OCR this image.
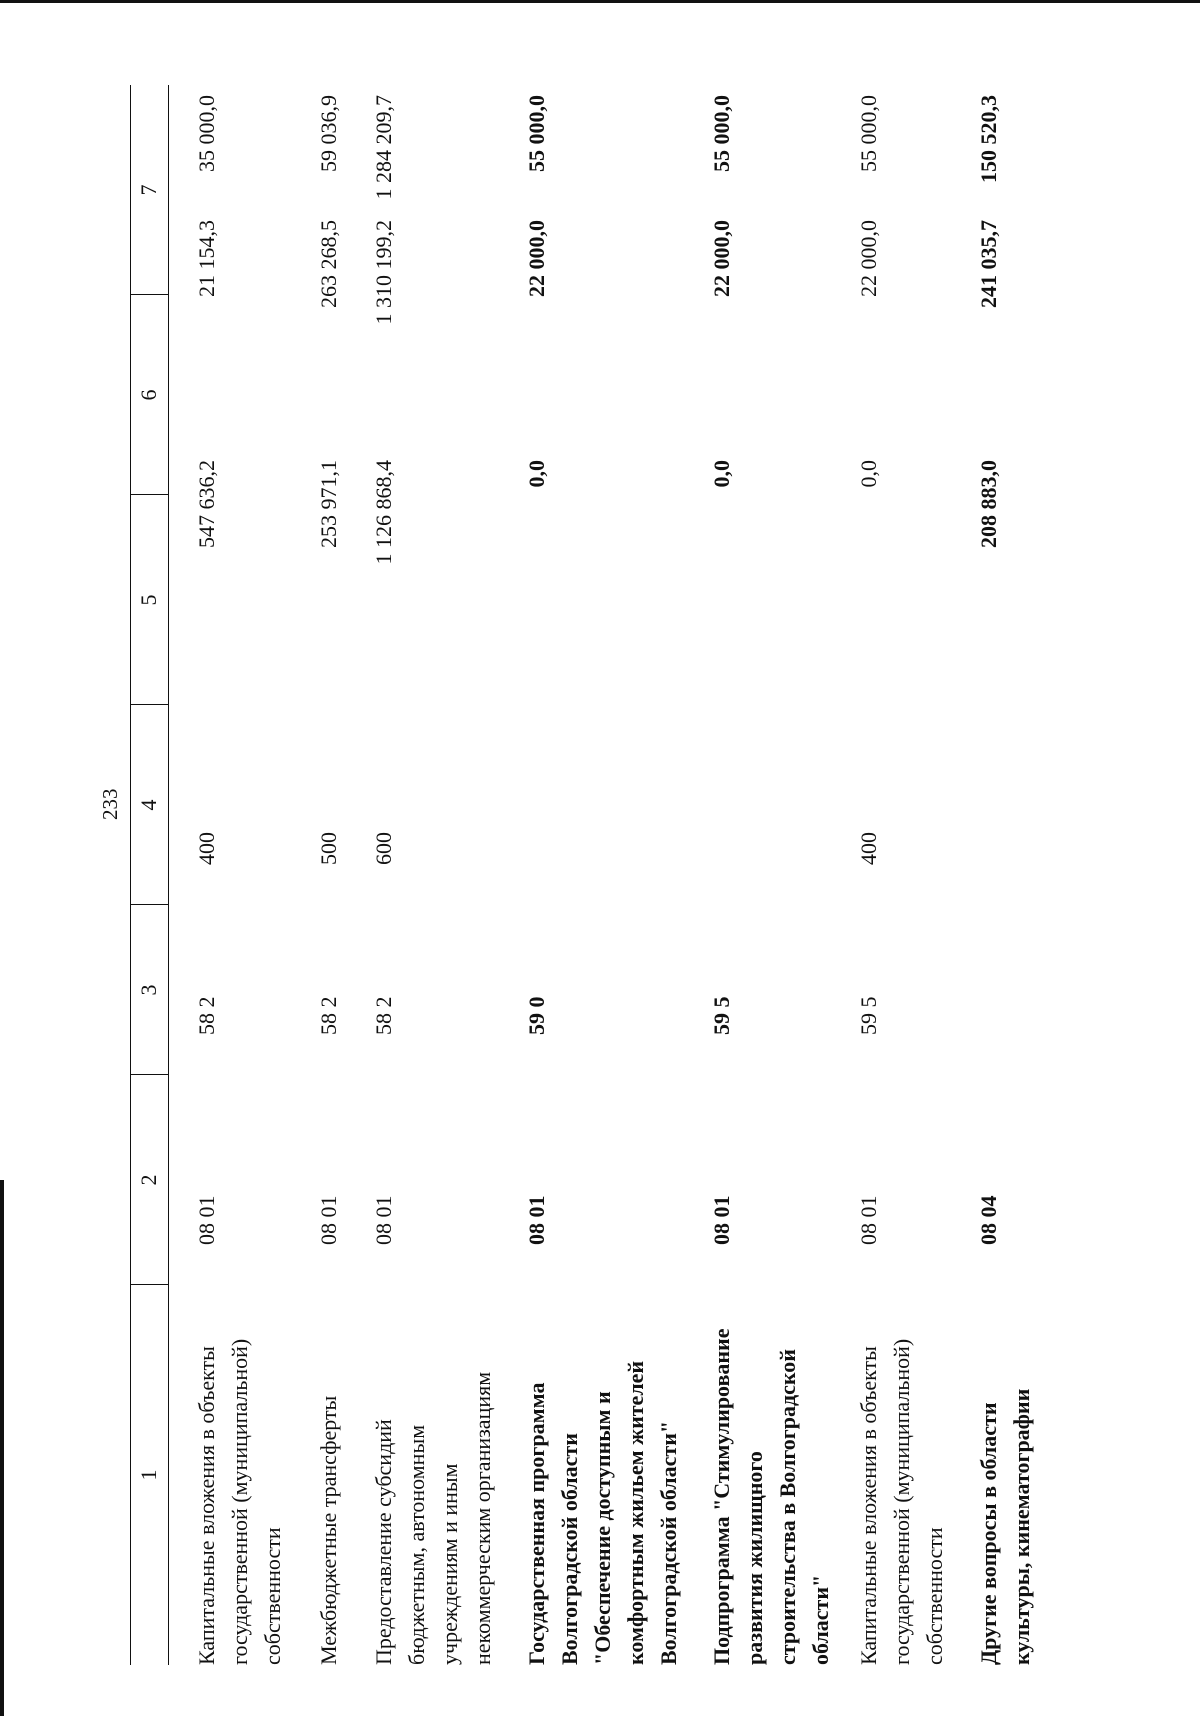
233
1
2
3
4
5
6
7
Капитальные вложения в объекты государственной (муниципальной) собственности
08 01
58 2
400
547 636,2
21 154,3
35 000,0
Межбюджетные трансферты
08 01
58 2
500
253 971,1
263 268,5
59 036,9
Предоставление субсидий бюджетным, автономным учреждениям и иным некоммерческим организациям
08 01
58 2
600
1 126 868,4
1 310 199,2
1 284 209,7
Государственная программа Волгоградской области "Обеспечение доступным и комфортным жильем жителей Волгоградской области"
08 01
59 0
0,0
22 000,0
55 000,0
Подпрограмма "Стимулирование развития жилищного строительства в Волгоградской области"
08 01
59 5
0,0
22 000,0
55 000,0
Капитальные вложения в объекты государственной (муниципальной) собственности
08 01
59 5
400
0,0
22 000,0
55 000,0
Другие вопросы в области культуры, кинематографии
08 04
208 883,0
241 035,7
150 520,3
